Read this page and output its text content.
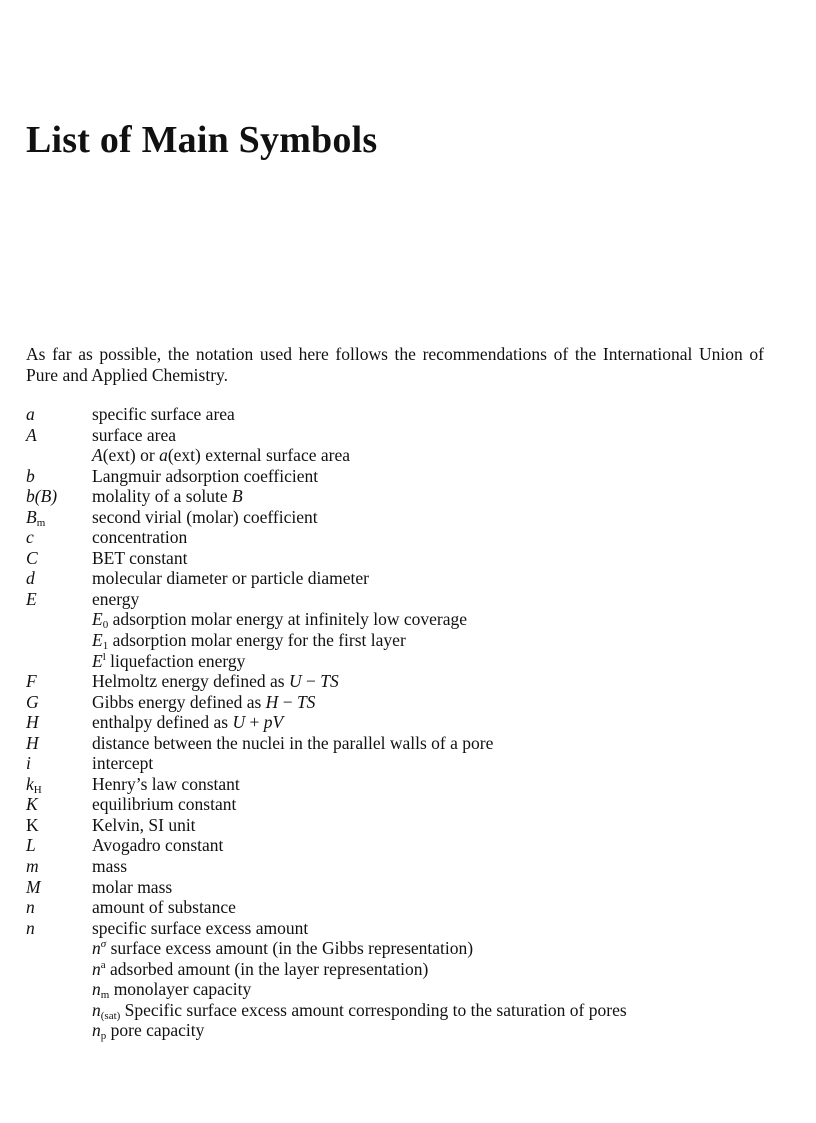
List of Main Symbols

As far as possible, the notation used here follows the recommendations of the International Union of Pure and Applied Chemistry.

a	specific surface area
A	surface area
A(ext) or a(ext) external surface area
b	Langmuir adsorption coefficient
b(B)	molality of a solute B
$B_m$	second virial (molar) coefficient
c	concentration
C	BET constant
d	molecular diameter or particle diameter
E	energy
$E_0$ adsorption molar energy at infinitely low coverage
$E_1$ adsorption molar energy for the first layer
$E^l$ liquefaction energy
F	Helmoltz energy defined as U − TS
G	Gibbs energy defined as H − TS
H	enthalpy defined as U + pV
H	distance between the nuclei in the parallel walls of a pore
i	intercept
$k_H$	Henry’s law constant
K	equilibrium constant
K	Kelvin, SI unit
L	Avogadro constant
m	mass
M	molar mass
n	amount of substance
n	specific surface excess amount
$n^\sigma$ surface excess amount (in the Gibbs representation)
$n^a$ adsorbed amount (in the layer representation)
$n_m$ monolayer capacity
$n_{(sat)}$ Specific surface excess amount corresponding to the saturation of pores
$n_p$ pore capacity
